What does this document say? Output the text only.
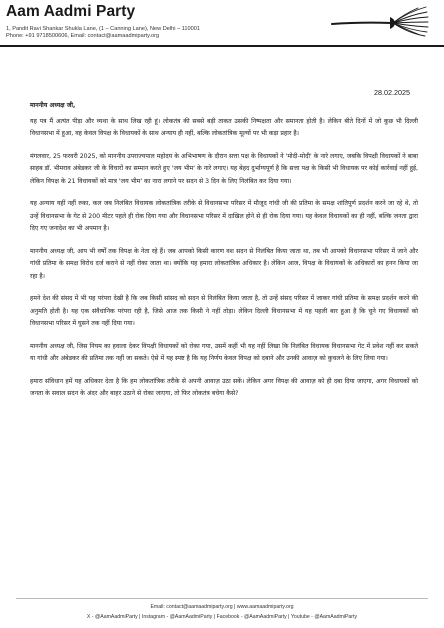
Aam Aadmi Party
1, Pandit Ravi Shankar Shukla Lane, (1 – Canning Lane), New Delhi – 110001
Phone: +91 9718500606, Email: contact@aamaadmiparty.org
28.02.2025

माननीय अध्यक्ष जी,

यह पत्र मैं अत्यंत पीड़ा और व्यथा के साथ लिख रही हूं। लोकतंत्र की सबसे बड़ी ताकत उसकी निष्पक्षता और समानता होती है। लेकिन बीते दिनों में जो कुछ भी दिल्ली विधानसभा में हुआ, वह केवल विपक्ष के विधायकों के साथ अन्याय ही नहीं, बल्कि लोकतांत्रिक मूल्यों पर भी कड़ा प्रहार है।

मंगलवार, 25 फरवरी 2025, को माननीय उपराज्यपाल महोदय के अभिभाषण के दौरान सत्ता पक्ष के विधायकों ने 'मोदी-मोदी' के नारे लगाए, जबकि विपक्षी विधायकों ने बाबा साहब डॉ. भीमराव अंबेडकर जी के विचारों का सम्मान करते हुए 'जय भीम' के नारे लगाए। यह बेहद दुर्भाग्यपूर्ण है कि सत्ता पक्ष के किसी भी विधायक पर कोई कार्रवाई नहीं हुई, लेकिन विपक्ष के 21 विधायकों को मात्र 'जय भीम' का नारा लगाने पर सदन से 3 दिन के लिए निलंबित कर दिया गया।

यह अन्याय यहीं नहीं रुका, कल जब निलंबित विधायक लोकतांत्रिक तरीके से विधानसभा परिसर में मौजूद गांधी जी की प्रतिमा के समक्ष शांतिपूर्ण प्रदर्शन करने जा रहे थे, तो उन्हें विधानसभा के गेट से 200 मीटर पहले ही रोक दिया गया और विधानसभा परिसर में दाखिल होने से ही रोक दिया गया। यह केवल विधायकों का ही नहीं, बल्कि जनता द्वारा दिए गए जनादेश का भी अपमान है।

माननीय अध्यक्ष जी, आप भी वर्षों तक विपक्ष के नेता रहे हैं। जब आपको किसी कारण वश सदन से निलंबित किया जाता था, तब भी आपको विधानसभा परिसर में जाने और गांधी प्रतिमा के समक्ष विरोध दर्ज कराने से नहीं रोका जाता था। क्योंकि यह हमारा लोकतांत्रिक अधिकार है। लेकिन आज, विपक्ष के विधायकों के अधिकारों का हनन किया जा रहा है।

हमने देश की संसद में भी यह परंपरा देखी है कि जब किसी सांसद को सदन से निलंबित किया जाता है, तो उन्हें संसद परिसर में जाकर गांधी प्रतिमा के समक्ष प्रदर्शन करने की अनुमति होती है। यह एक संवैधानिक परंपरा रही है, जिसे आज तक किसी ने नहीं तोड़ा। लेकिन दिल्ली विधानसभा में यह पहली बार हुआ है कि चुने गए विधायकों को विधानसभा परिसर में घुसने तक नहीं दिया गया।

माननीय अध्यक्ष जी, जिस नियम का हवाला देकर विपक्षी विधायकों को रोका गया, उसमें कहीं भी यह नहीं लिखा कि निलंबित विधायक विधानसभा गेट में प्रवेश नहीं कर सकते या गांधी और अंबेडकर की प्रतिमा तक नहीं जा सकते। ऐसे में यह स्पष्ट है कि यह निर्णय केवल विपक्ष को दबाने और उनकी आवाज़ को कुचलने के लिए लिया गया।

हमारा संविधान हमें यह अधिकार देता है कि हम लोकतांत्रिक तरीके से अपनी आवाज़ उठा सकें। लेकिन अगर विपक्ष की आवाज़ को ही दबा दिया जाएगा, अगर विधायकों को जनता के सवाल सदन के अंदर और बाहर उठाने से रोका जाएगा, तो फिर लोकतंत्र बचेगा कैसे?

Email: contact@aamaadmiparty.org | www.aamaadmiparty.org
X - @AamAadmiParty | Instagram - @AamAadmiParty | Facebook - @AamAadmiParty | Youtube - @AamAadmiParty
